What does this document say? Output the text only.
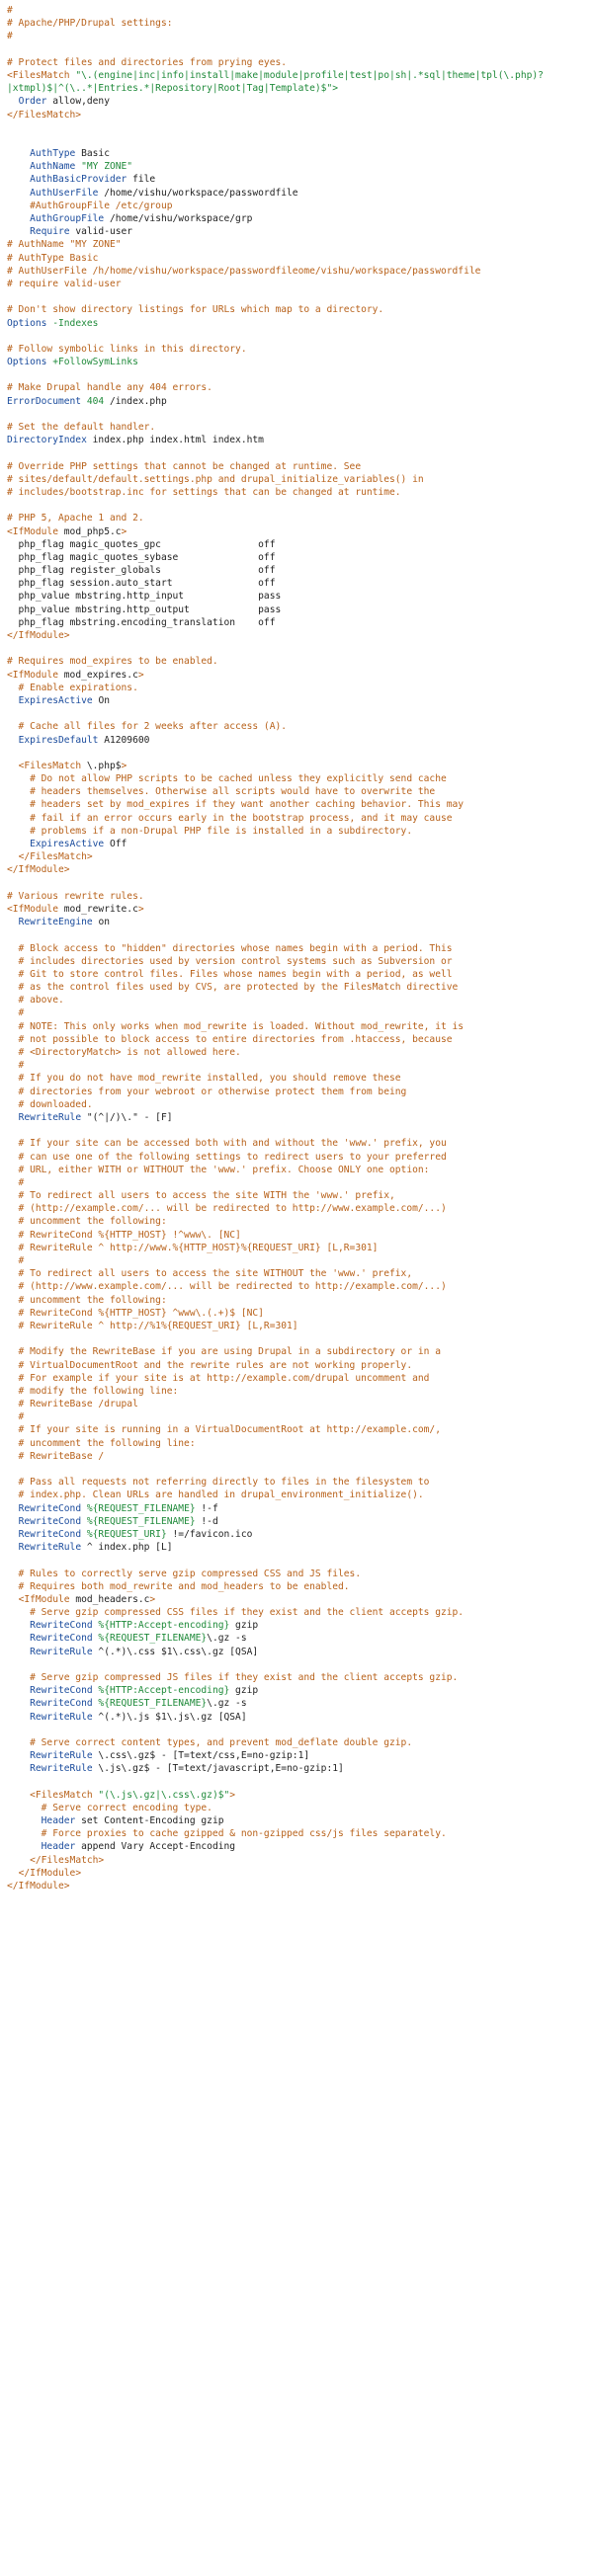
#
# Apache/PHP/Drupal settings:
#
# Protect files and directories from prying eyes.
<FilesMatch "\.(engine|inc|info|install|make|module|profile|test|po|sh|.*sql|theme|tpl(\.php)?
|xtmpl)$|^(\..*|Entries.*|Repository|Root|Tag|Template)$">
Order allow,deny
</FilesMatch>
AuthType Basic
AuthName "MY ZONE"
AuthBasicProvider file
AuthUserFile /home/vishu/workspace/passwordfile
#AuthGroupFile /etc/group
AuthGroupFile /home/vishu/workspace/grp
Require valid-user
# AuthName "MY ZONE"
# AuthType Basic
# AuthUserFile /h/home/vishu/workspace/passwordfileome/vishu/workspace/passwordfile
# require valid-user
# Don't show directory listings for URLs which map to a directory.
Options -Indexes
# Follow symbolic links in this directory.
Options +FollowSymLinks
# Make Drupal handle any 404 errors.
ErrorDocument 404 /index.php
# Set the default handler.
DirectoryIndex index.php index.html index.htm
# Override PHP settings that cannot be changed at runtime. See
# sites/default/default.settings.php and drupal_initialize_variables() in
# includes/bootstrap.inc for settings that can be changed at runtime.
# PHP 5, Apache 1 and 2.
<IfModule mod_php5.c>
php_flag magic_quotes_gpc                 off
php_flag magic_quotes_sybase              off
php_flag register_globals                 off
php_flag session.auto_start               off
php_value mbstring.http_input             pass
php_value mbstring.http_output            pass
php_flag mbstring.encoding_translation    off
</IfModule>
# Requires mod_expires to be enabled.
<IfModule mod_expires.c>
# Enable expirations.
ExpiresActive On
# Cache all files for 2 weeks after access (A).
ExpiresDefault A1209600
<FilesMatch \.php$>
# Do not allow PHP scripts to be cached unless they explicitly send cache
# headers themselves. Otherwise all scripts would have to overwrite the
# headers set by mod_expires if they want another caching behavior. This may
# fail if an error occurs early in the bootstrap process, and it may cause
# problems if a non-Drupal PHP file is installed in a subdirectory.
ExpiresActive Off
</FilesMatch>
</IfModule>
# Various rewrite rules.
<IfModule mod_rewrite.c>
RewriteEngine on
# Block access to "hidden" directories whose names begin with a period. This
# includes directories used by version control systems such as Subversion or
# Git to store control files. Files whose names begin with a period, as well
# as the control files used by CVS, are protected by the FilesMatch directive
# above.
#
# NOTE: This only works when mod_rewrite is loaded. Without mod_rewrite, it is
# not possible to block access to entire directories from .htaccess, because
# <DirectoryMatch> is not allowed here.
#
# If you do not have mod_rewrite installed, you should remove these
# directories from your webroot or otherwise protect them from being
# downloaded.
RewriteRule "(^|/)\." - [F]
# If your site can be accessed both with and without the 'www.' prefix, you
# can use one of the following settings to redirect users to your preferred
# URL, either WITH or WITHOUT the 'www.' prefix. Choose ONLY one option:
#
# To redirect all users to access the site WITH the 'www.' prefix,
# (http://example.com/... will be redirected to http://www.example.com/...)
# uncomment the following:
# RewriteCond %{HTTP_HOST} !^www\. [NC]
# RewriteRule ^ http://www.%{HTTP_HOST}%{REQUEST_URI} [L,R=301]
#
# To redirect all users to access the site WITHOUT the 'www.' prefix,
# (http://www.example.com/... will be redirected to http://example.com/...)
# uncomment the following:
# RewriteCond %{HTTP_HOST} ^www\.(.+)$ [NC]
# RewriteRule ^ http://%1%{REQUEST_URI} [L,R=301]
# Modify the RewriteBase if you are using Drupal in a subdirectory or in a
# VirtualDocumentRoot and the rewrite rules are not working properly.
# For example if your site is at http://example.com/drupal uncomment and
# modify the following line:
# RewriteBase /drupal
#
# If your site is running in a VirtualDocumentRoot at http://example.com/,
# uncomment the following line:
# RewriteBase /
# Pass all requests not referring directly to files in the filesystem to
# index.php. Clean URLs are handled in drupal_environment_initialize().
RewriteCond %{REQUEST_FILENAME} !-f
RewriteCond %{REQUEST_FILENAME} !-d
RewriteCond %{REQUEST_URI} !=/favicon.ico
RewriteRule ^ index.php [L]
# Rules to correctly serve gzip compressed CSS and JS files.
# Requires both mod_rewrite and mod_headers to be enabled.
<IfModule mod_headers.c>
# Serve gzip compressed CSS files if they exist and the client accepts gzip.
RewriteCond %{HTTP:Accept-encoding} gzip
RewriteCond %{REQUEST_FILENAME}\.gz -s
RewriteRule ^(.*)\.css $1\.css\.gz [QSA]
# Serve gzip compressed JS files if they exist and the client accepts gzip.
RewriteCond %{HTTP:Accept-encoding} gzip
RewriteCond %{REQUEST_FILENAME}\.gz -s
RewriteRule ^(.*)\.js $1\.js\.gz [QSA]
# Serve correct content types, and prevent mod_deflate double gzip.
RewriteRule \.css\.gz$ - [T=text/css,E=no-gzip:1]
RewriteRule \.js\.gz$ - [T=text/javascript,E=no-gzip:1]
<FilesMatch "(\.js\.gz|\.css\.gz)$">
# Serve correct encoding type.
Header set Content-Encoding gzip
# Force proxies to cache gzipped & non-gzipped css/js files separately.
Header append Vary Accept-Encoding
</FilesMatch>
</IfModule>
</IfModule>
